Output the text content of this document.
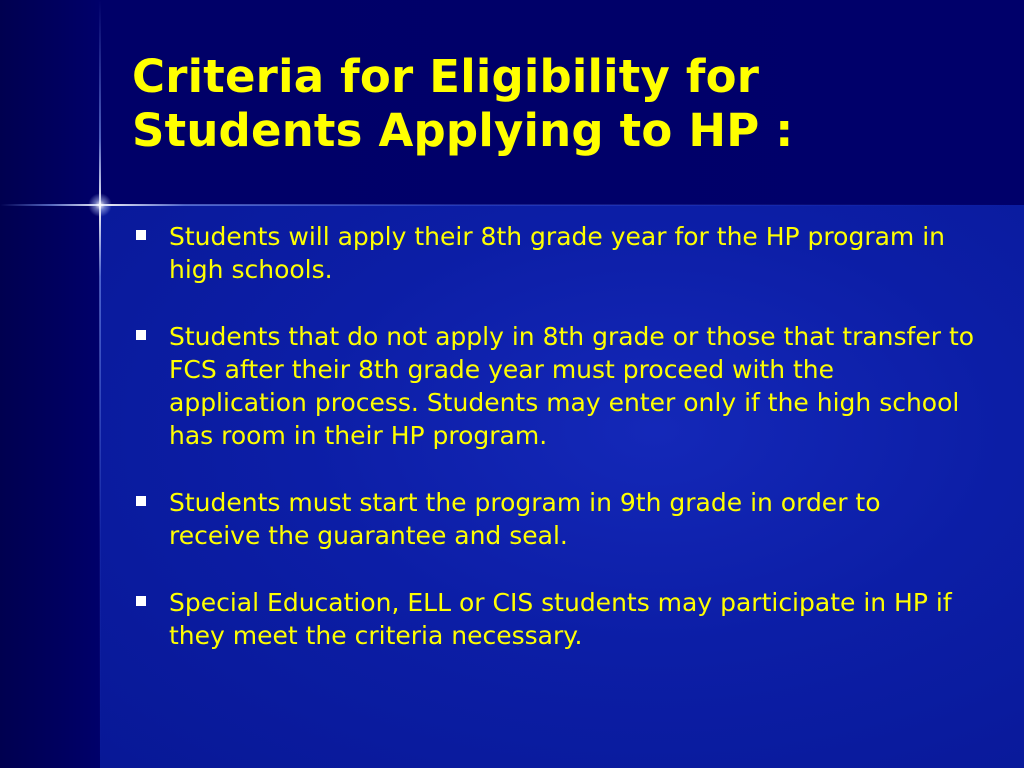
Criteria for Eligibility for
Students Applying to HP :
Students will apply their 8th grade year for the HP program in high schools.
Students that do not apply in 8th grade or those that transfer to FCS after their 8th grade year must proceed with the application process. Students may enter only if the high school has room in their HP program.
Students must start the program in 9th grade in order to receive the guarantee and seal.
Special Education, ELL or CIS students may participate in HP if they meet the criteria necessary.
